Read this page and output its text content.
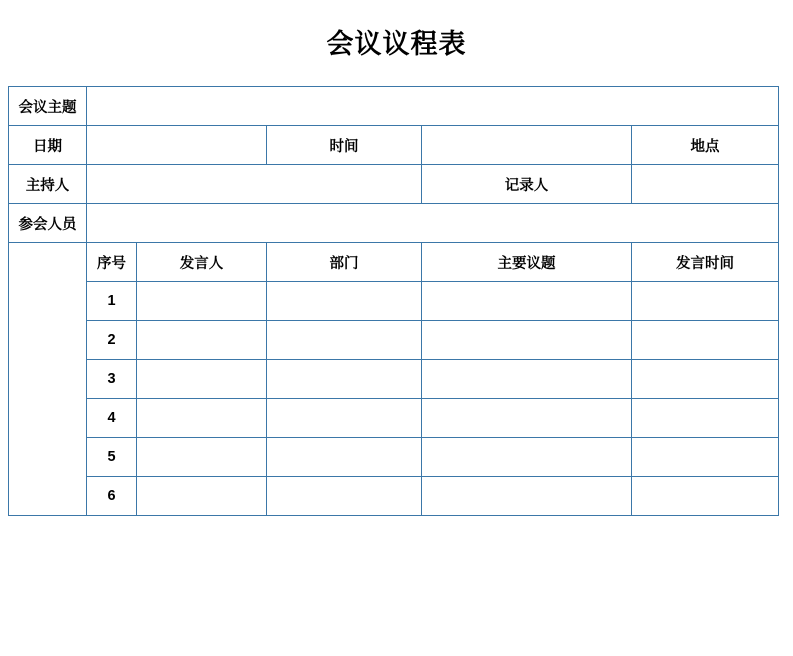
会议议程表
会议主题						
日期			时间		地点	
主持人				记录人		
参会人员						
	序号	发言人	部门	主要议题	发言时间	
	1					
	2					
	3					
	4					
	5					
	6					
